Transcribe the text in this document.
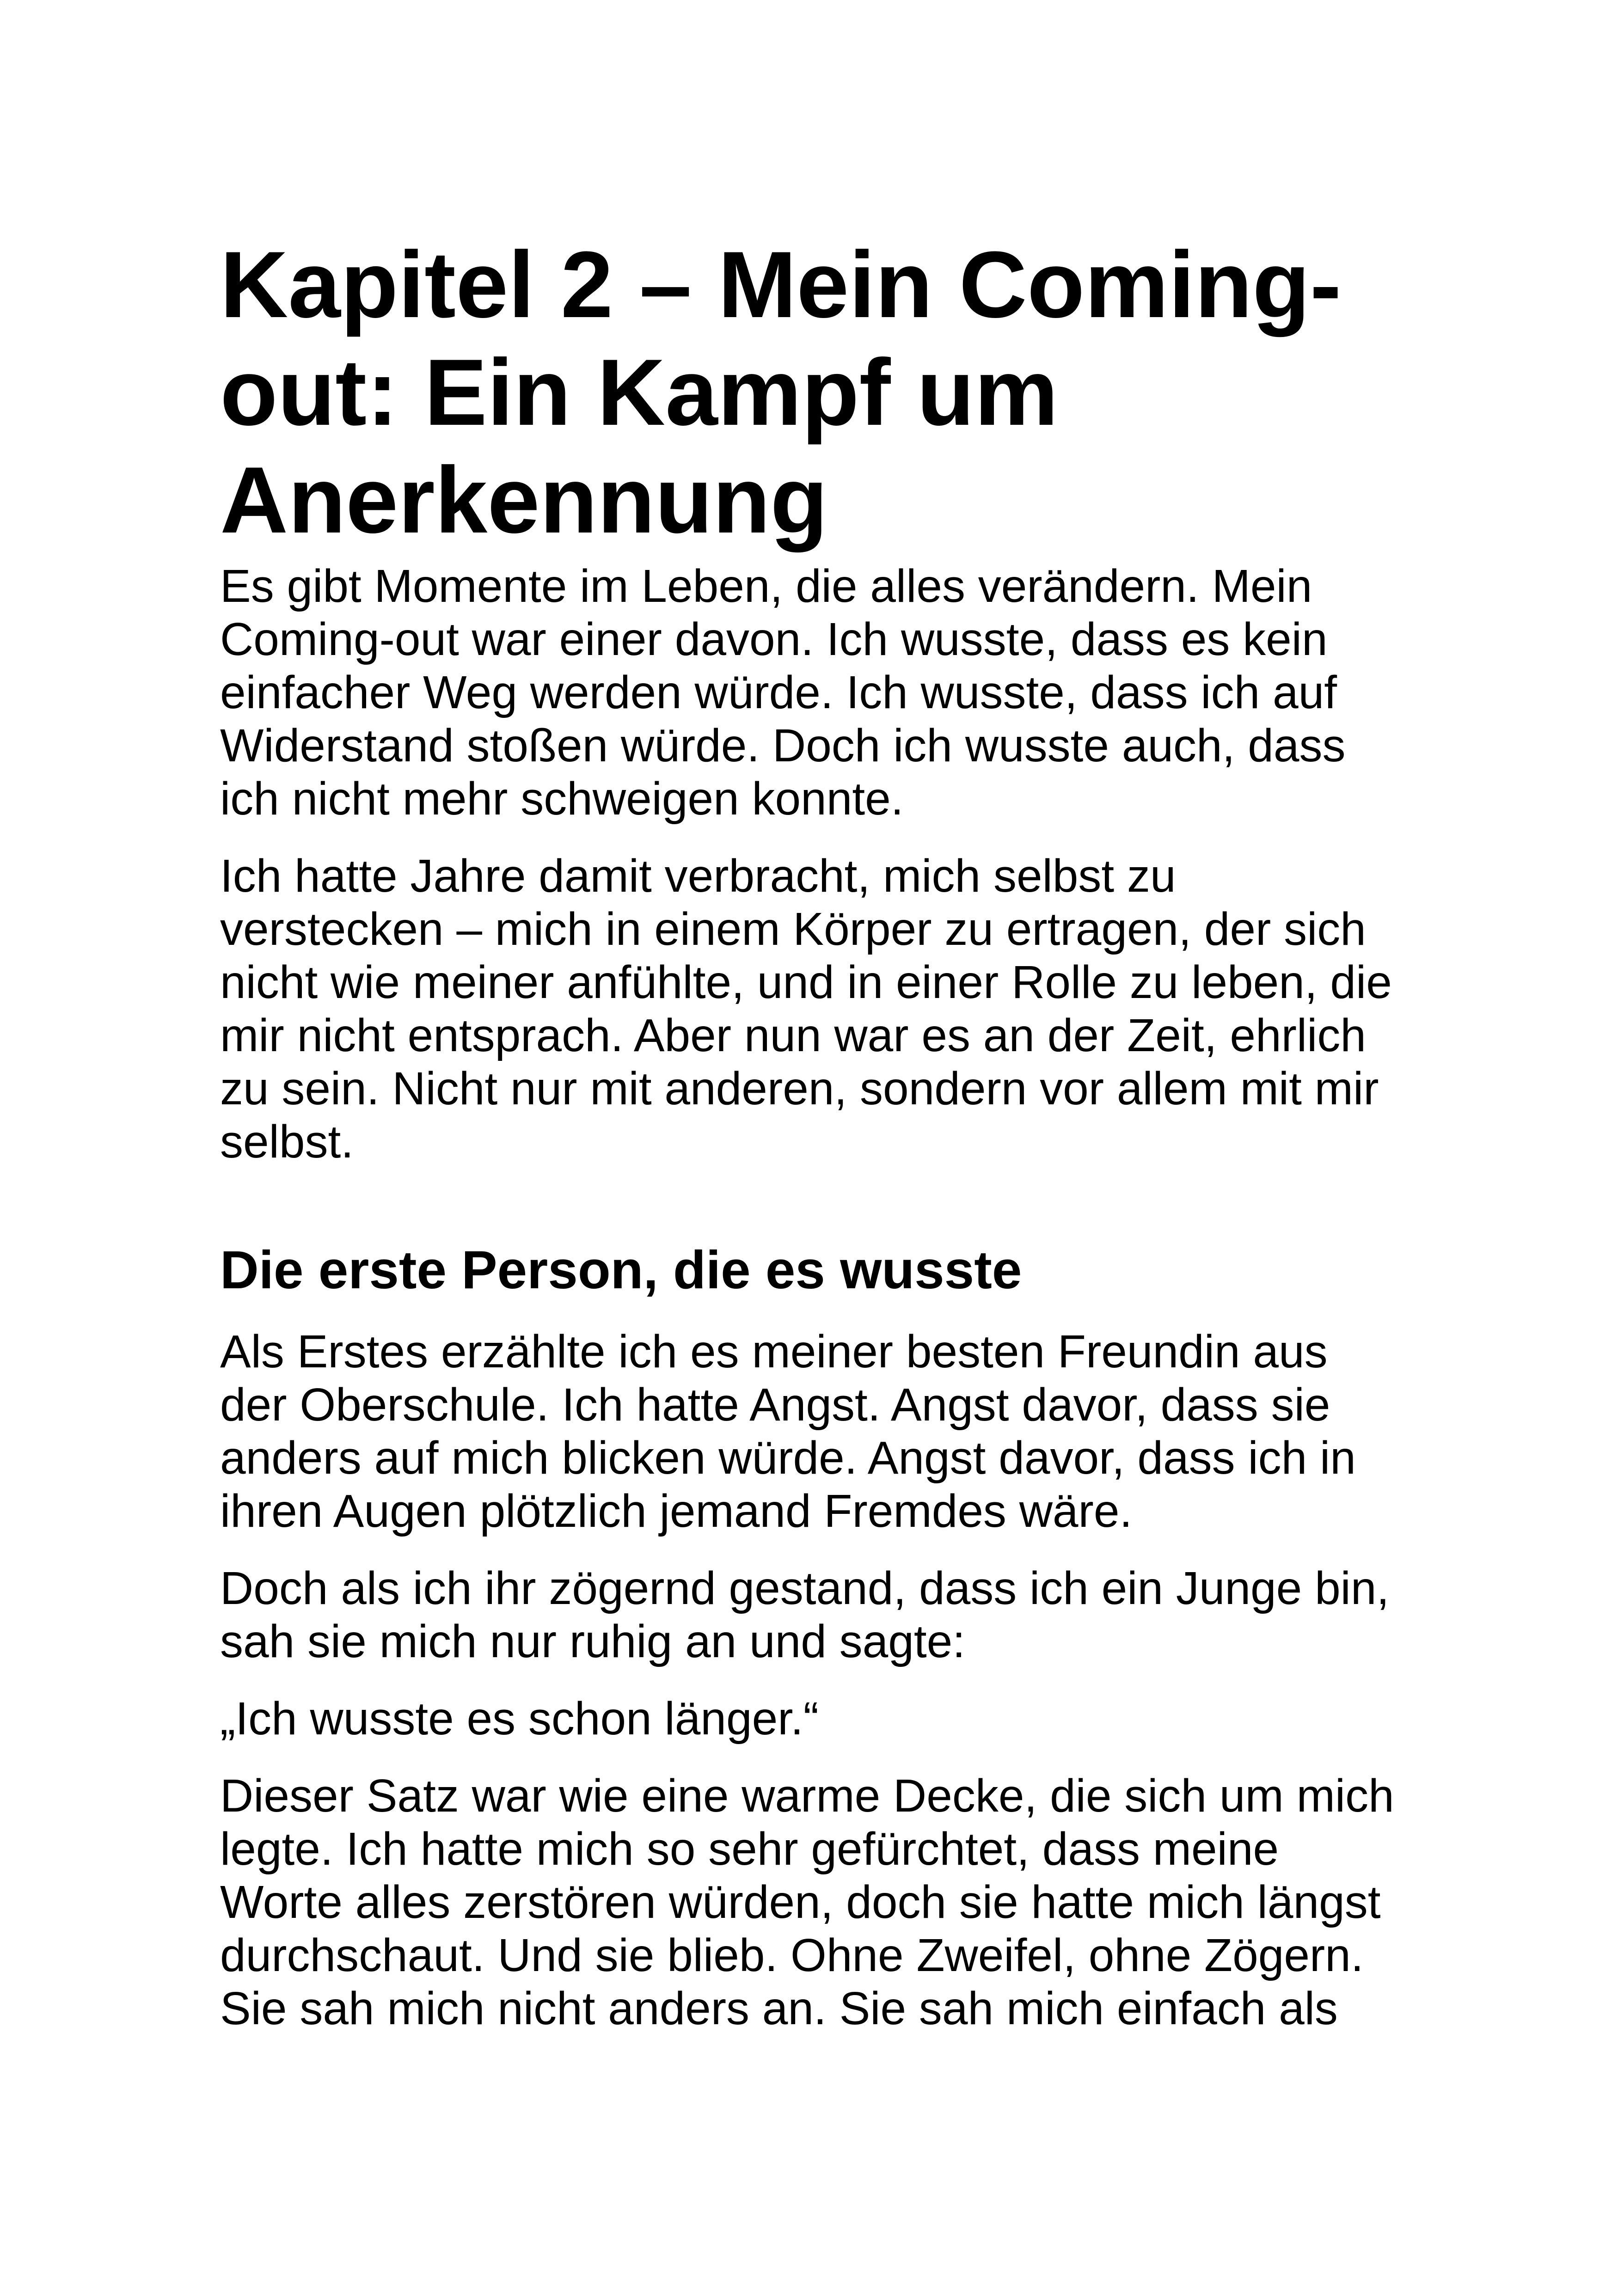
Kapitel 2 – Mein Coming-out: Ein Kampf um Anerkennung

Es gibt Momente im Leben, die alles verändern. Mein Coming-out war einer davon. Ich wusste, dass es kein einfacher Weg werden würde. Ich wusste, dass ich auf Widerstand stoßen würde. Doch ich wusste auch, dass ich nicht mehr schweigen konnte.

Ich hatte Jahre damit verbracht, mich selbst zu verstecken – mich in einem Körper zu ertragen, der sich nicht wie meiner anfühlte, und in einer Rolle zu leben, die mir nicht entsprach. Aber nun war es an der Zeit, ehrlich zu sein. Nicht nur mit anderen, sondern vor allem mit mir selbst.

Die erste Person, die es wusste

Als Erstes erzählte ich es meiner besten Freundin aus der Oberschule. Ich hatte Angst. Angst davor, dass sie anders auf mich blicken würde. Angst davor, dass ich in ihren Augen plötzlich jemand Fremdes wäre.

Doch als ich ihr zögernd gestand, dass ich ein Junge bin, sah sie mich nur ruhig an und sagte:

„Ich wusste es schon länger.“

Dieser Satz war wie eine warme Decke, die sich um mich legte. Ich hatte mich so sehr gefürchtet, dass meine Worte alles zerstören würden, doch sie hatte mich längst durchschaut. Und sie blieb. Ohne Zweifel, ohne Zögern. Sie sah mich nicht anders an. Sie sah mich einfach als
